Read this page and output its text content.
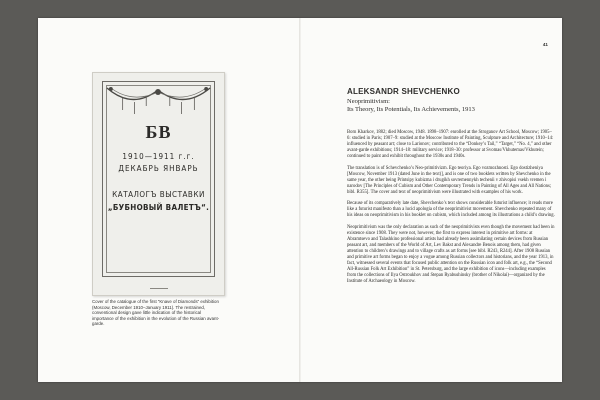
БВ
1910—1911 г.г.
ДЕКАБРЬ ЯНВАРЬ
КАТАЛОГЪ ВЫСТАВКИ
„БУБНОВЫЙ ВАЛЕТЪ“.
Cover of the catalogue of the first “Knave of Diamonds” exhibition (Moscow, December 1910–January 1911). The restrained, conventional design gave little indication of the historical importance of the exhibition in the evolution of the Russian avant-garde.
41
ALEKSANDR SHEVCHENKO
Neoprimitivism:
Its Theory, Its Potentials, Its Achievements, 1913

Born Kharkov, 1882; died Moscow, 1948. 1898–1907: enrolled at the Stroganov Art School, Moscow; 1905–6: studied in Paris; 1907–9: studied at the Moscow Institute of Painting, Sculpture and Architecture; 1910–14: influenced by peasant art; close to Larionov; contributed to the “Donkey’s Tail,” “Target,” “No. 4,” and other avant-garde exhibitions; 1914–18: military service; 1918–30: professor at Svomas/Vkhutemas/Vkhutein; continued to paint and exhibit throughout the 1930s and 1940s.

The translation is of Schevchenko’s Neo-primitivizm. Ego teoriya. Ego vozmozhnosti. Ego dostizheniya [Moscow, November 1913 (dated June in the text)], and is one of two booklets written by Shevchenko in the same year, the other being Printsipy kubizma i drugikh sovremennykh techenii v zhivopisi vsekh vremen i narodov [The Principles of Cubism and Other Contemporary Trends in Painting of All Ages and All Nations; bibl. R355]. The cover and text of neoprimitivism were illustrated with examples of his work.

Because of its comparatively late date, Shevchenko’s text shows considerable futurist influence; it reads more like a futurist manifesto than a lucid apologia of the neoprimitivist movement. Shevchenko repeated many of his ideas on neoprimitivism in his booklet on cubism, which included among its illustrations a child’s drawing.

Neoprimitivism was the only declaration as such of the neoprimitivists even though the movement had been in existence since 1908. They were not, however, the first to express interest in primitive art forms: at Abramtsevo and Talashkino professional artists had already been assimilating certain devices from Russian peasant art, and members of the World of Art, Lev Bakst and Alexandre Benois among them, had given attention to children’s drawings and to village crafts as art forms [see bibl. R243, R244]. After 1908 Russian and primitive art forms began to enjoy a vogue among Russian collectors and historians, and the year 1913, in fact, witnessed several events that focused public attention on the Russian icon and folk art, e.g., the “Second All-Russian Folk Art Exhibition” in St. Petersburg, and the large exhibition of icons—including examples from the collections of Ilya Ostroukhov and Stepan Ryabushinsky (brother of Nikolai)—organized by the Institute of Archaeology in Moscow.
